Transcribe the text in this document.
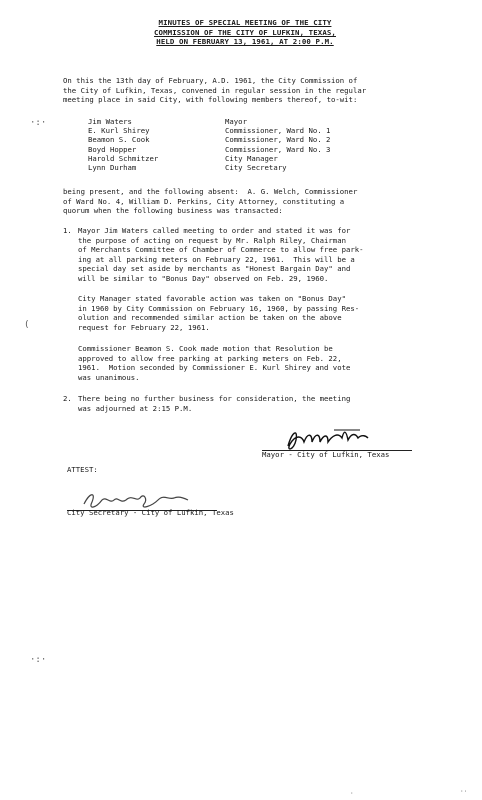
MINUTES OF SPECIAL MEETING OF THE CITY
COMMISSION OF THE CITY OF LUFKIN, TEXAS,
HELD ON FEBRUARY 13, 1961, AT 2:00 P.M.
On this the 13th day of February, A.D. 1961, the City Commission of
the City of Lufkin, Texas, convened in regular session in the regular
meeting place in said City, with following members thereof, to-wit:
Jim Waters	Mayor
E. Kurl Shirey	Commissioner, Ward No. 1
Beamon S. Cook	Commissioner, Ward No. 2
Boyd Hopper	Commissioner, Ward No. 3
Harold Schmitzer	City Manager
Lynn Durham	City Secretary
being present, and the following absent:  A. G. Welch, Commissioner
of Ward No. 4, William D. Perkins, City Attorney, constituting a
quorum when the following business was transacted:
1. Mayor Jim Waters called meeting to order and stated it was for
the purpose of acting on request by Mr. Ralph Riley, Chairman
of Merchants Committee of Chamber of Commerce to allow free park-
ing at all parking meters on February 22, 1961.  This will be a
special day set aside by merchants as "Honest Bargain Day" and
will be similar to "Bonus Day" observed on Feb. 29, 1960.
City Manager stated favorable action was taken on "Bonus Day"
in 1960 by City Commission on February 16, 1960, by passing Res-
olution and recommended similar action be taken on the above
request for February 22, 1961.
Commissioner Beamon S. Cook made motion that Resolution be
approved to allow free parking at parking meters on Feb. 22,
1961.  Motion seconded by Commissioner E. Kurl Shirey and vote
was unanimous.
2. There being no further business for consideration, the meeting
was adjourned at 2:15 P.M.
Mayor - City of Lufkin, Texas
ATTEST:
City Secretary - City of Lufkin, Texas
·:·
(
·:·
·	··
